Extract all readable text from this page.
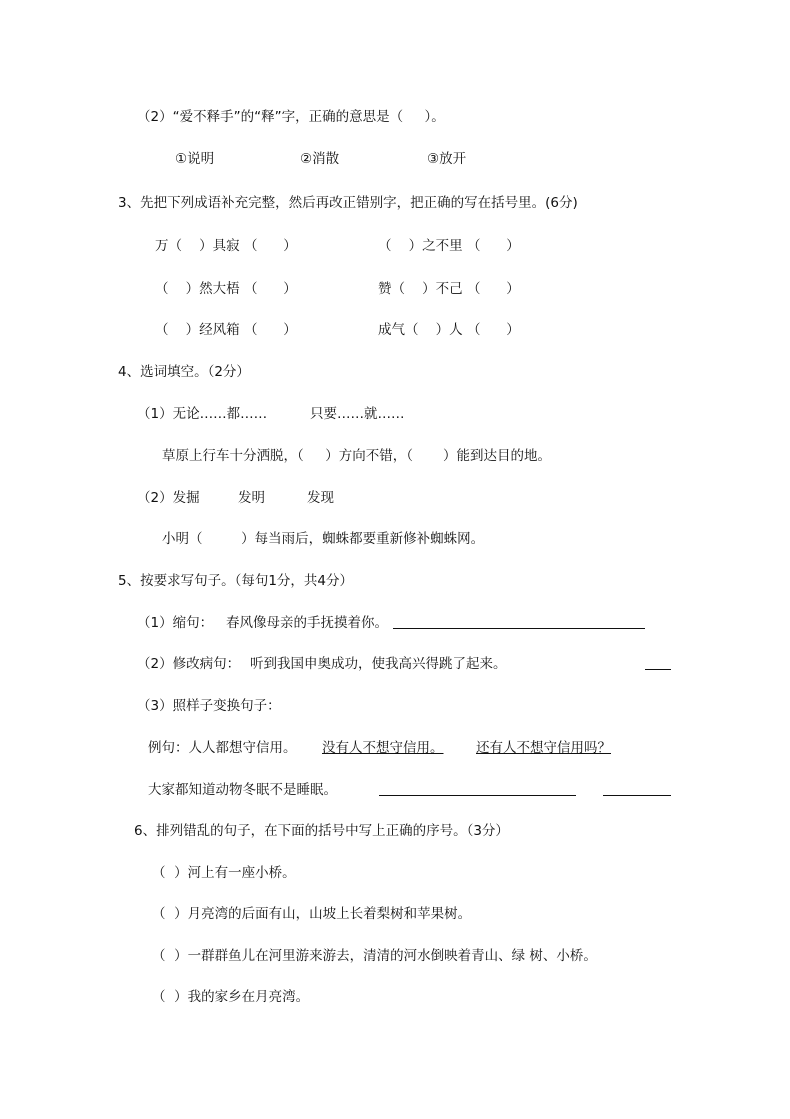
（2）“爱不释手”的“释”字，正确的意思是（     ）。
①说明	②消散	③放开
3、先把下列成语补充完整，然后再改正错别字，把正确的写在括号里。(6分)
万（    ）具寂 （      ）	（    ）之不里 （      ）
（    ）然大梧 （      ）	赞（    ）不己 （      ）
（    ）经风箱 （      ）	成气（    ）人 （      ）
4、选词填空。（2分）
（1）无论……都……	只要……就……
草原上行车十分洒脱，（     ）方向不错，（       ）能到达目的地。
（2）发掘	发明	发现
小明（         ）每当雨后，蜘蛛都要重新修补蜘蛛网。
5、按要求写句子。（每句1分，共4分）
（1）缩句： 春风像母亲的手抚摸着你。
（2）修改病句： 听到我国申奥成功，使我高兴得跳了起来。
（3）照样子变换句子：
例句：人人都想守信用。 没有人不想守信用。 还有人不想守信用吗？
大家都知道动物冬眠不是睡眠。
6、排列错乱的句子，在下面的括号中写上正确的序号。（3分）
（  ）河上有一座小桥。
（  ）月亮湾的后面有山，山坡上长着梨树和苹果树。
（  ）一群群鱼儿在河里游来游去，清清的河水倒映着青山、绿 树、小桥。
（  ）我的家乡在月亮湾。
